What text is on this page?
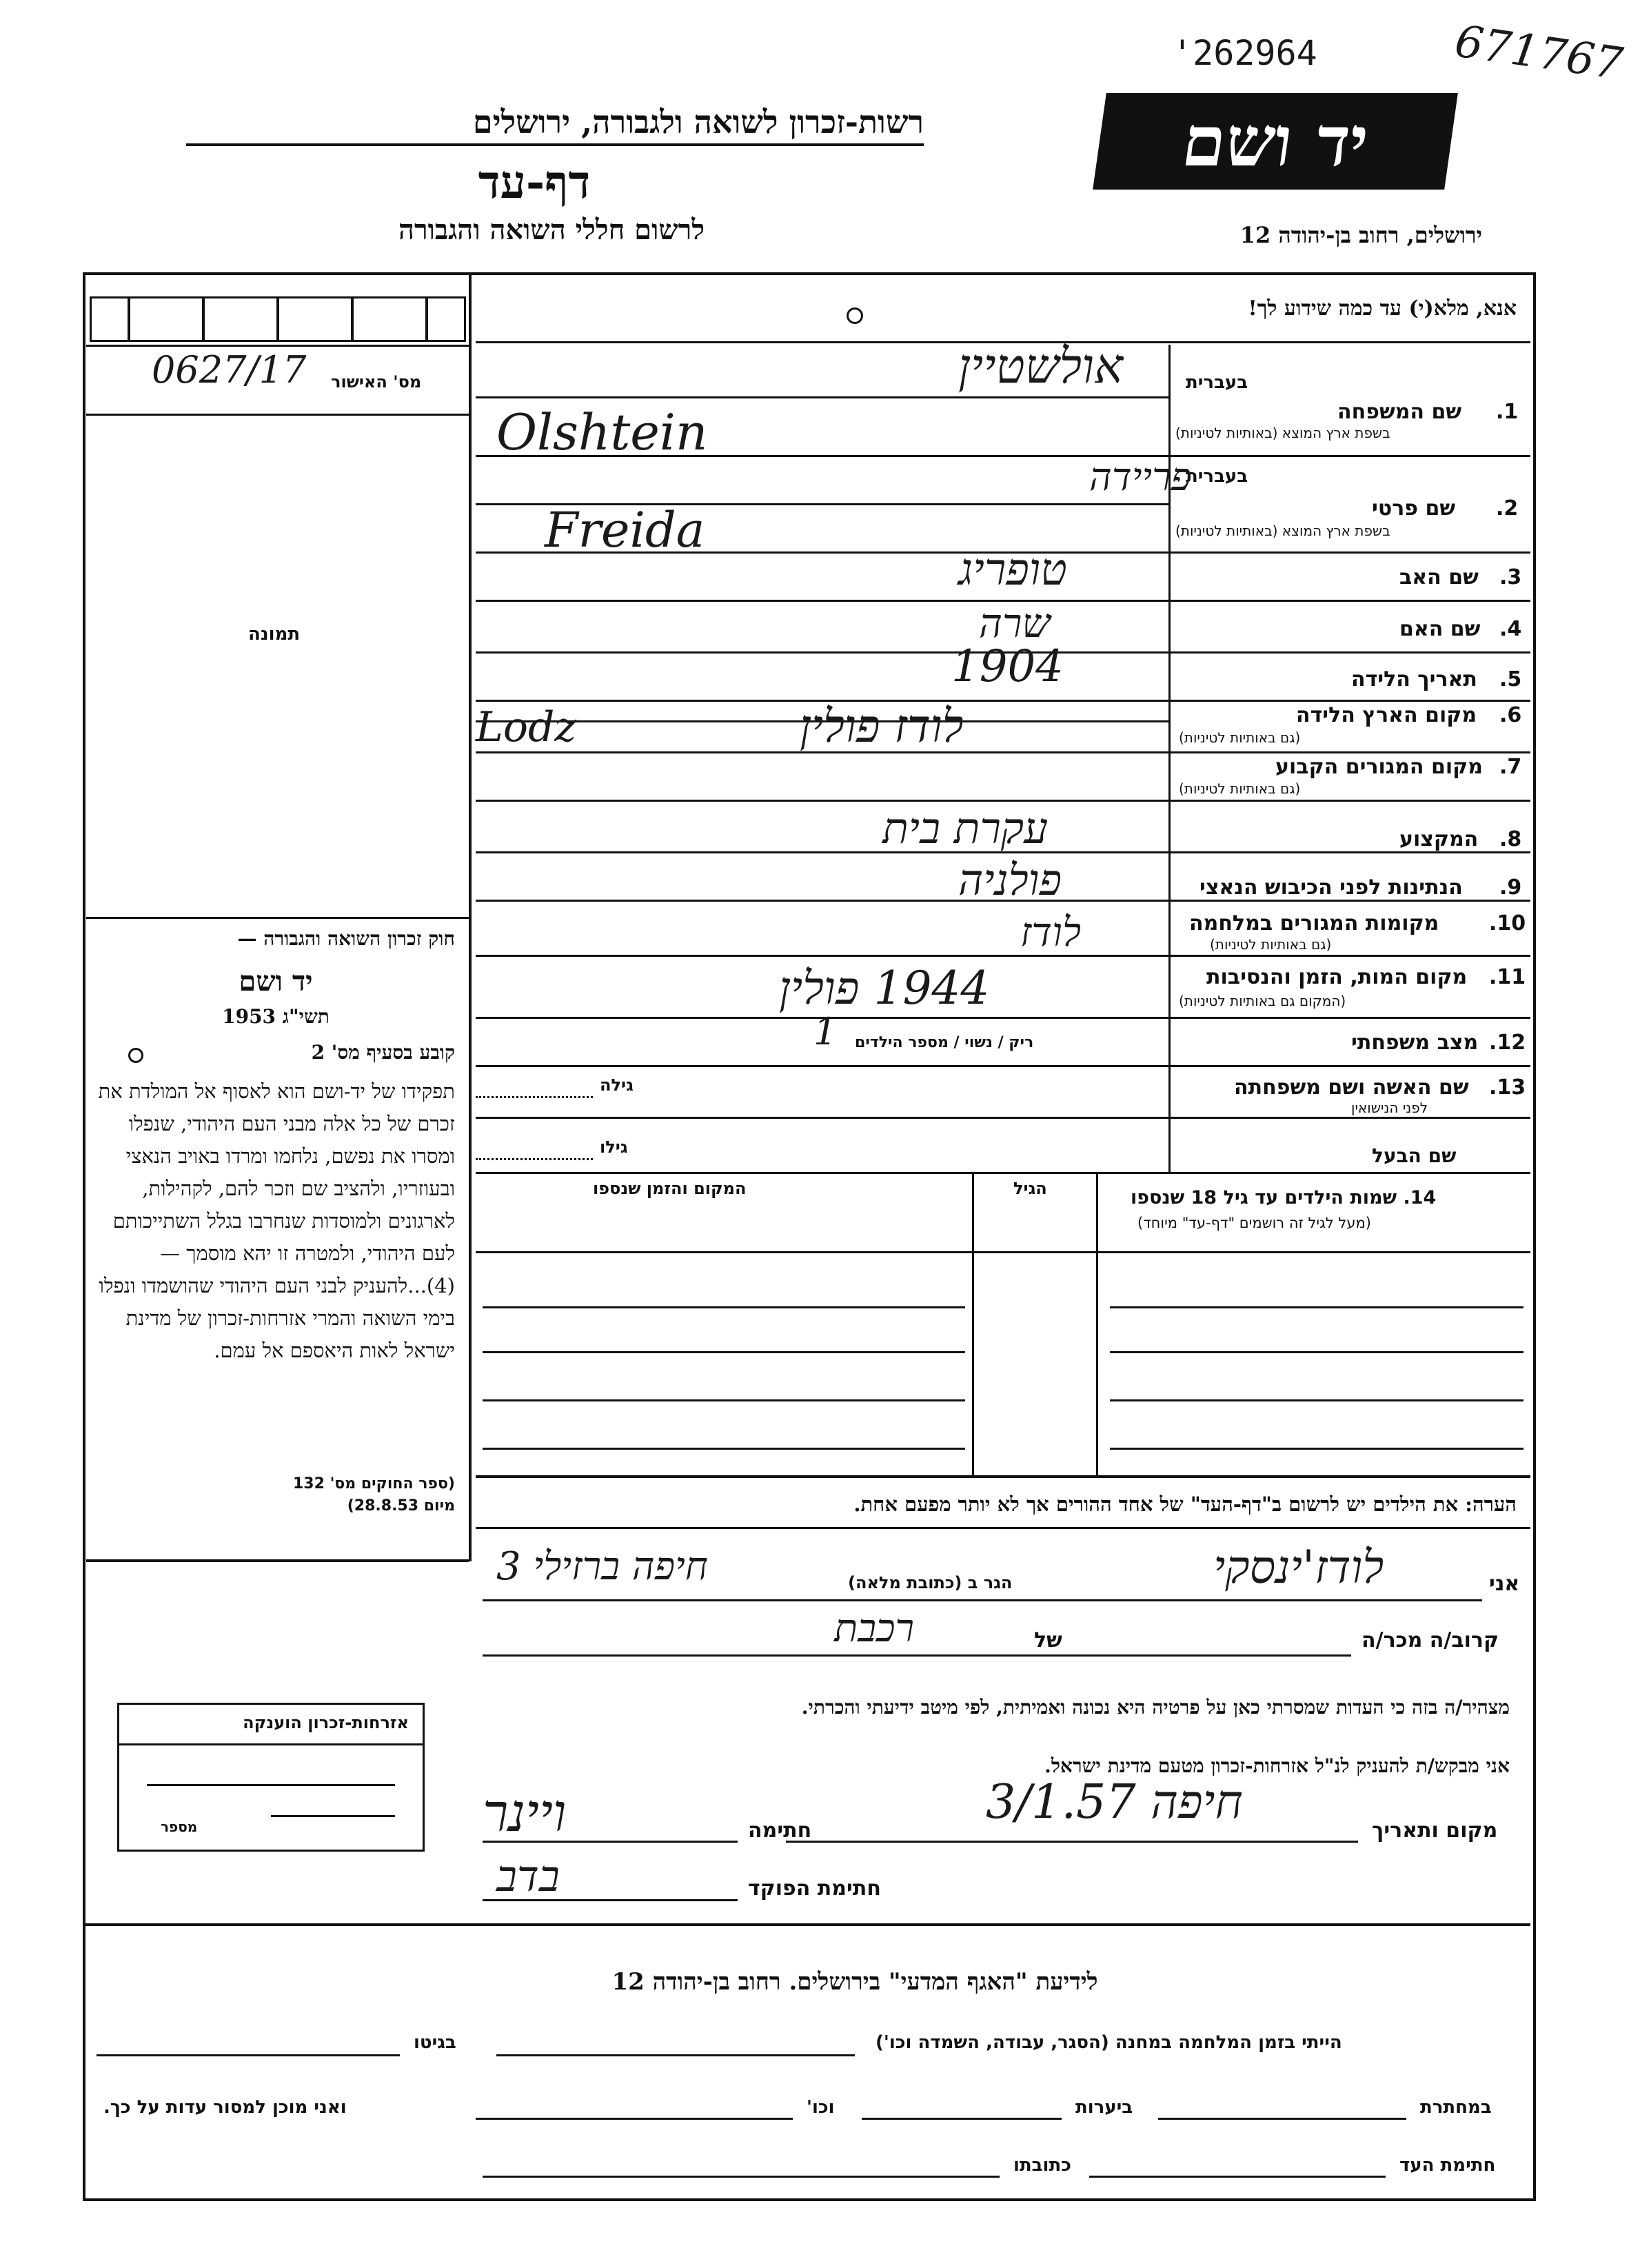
'262964	671767
רשות-זכרון לשואה ולגבורה, ירושלים
דף-עד
לרשום חללי השואה והגבורה
יד ושם
ירושלים, רחוב בן-יהודה 12
אנא, מלא(י) עד כמה שידוע לך!
מס' האישור
0627/17
תמונה
חוק זכרון השואה והגבורה —
יד ושם
תשי"ג 1953
קובע בסעיף מס' 2
תפקידו של יד-ושם הוא לאסוף אל המולדת את זכרם של כל אלה מבני העם היהודי, שנפלו ומסרו את נפשם, נלחמו ומרדו באויב הנאצי ובעוזריו, ולהציב שם וזכר להם, לקהילות, לארגונים ולמוסדות שנחרבו בגלל השתייכותם לעם היהודי, ולמטרה זו יהא מוסמך — (4)...להעניק לבני העם היהודי שהושמדו ונפלו בימי השואה והמרי אזרחות-זכרון של מדינת ישראל לאות היאספם אל עמם.
(ספר החוקים מס' 132
מיום 28.8.53)
בעברית
1.
שם המשפחה
בשפת ארץ המוצא (באותיות לטיניות)
אולשטיין
Olshtein
בעברית
2.
שם פרטי
בשפת ארץ המוצא (באותיות לטיניות)
פריידה
Freida
3.
שם האב
טופריג
4.
שם האם
שרה
5.
תאריך הלידה
1904
6.
מקום הארץ הלידה
(גם באותיות לטיניות)
לודז פולין
Lodz
7.
מקום המגורים הקבוע
(גם באותיות לטיניות)
8.
המקצוע
עקרת בית
9.
הנתינות לפני הכיבוש הנאצי
פולניה
10.
מקומות המגורים במלחמה
(גם באותיות לטיניות)
לודז
11.
מקום המות, הזמן והנסיבות
(המקום גם באותיות לטיניות)
1944 פולין
12.
מצב משפחתי
ריק / נשוי / מספר הילדים
1
13.
שם האשה ושם משפחתה
לפני הנישואין
גילה
גילו	שם הבעל
14. שמות הילדים עד גיל 18 שנספו
(מעל לגיל זה רושמים "דף-עד" מיוחד)
הגיל
המקום והזמן שנספו
הערה: את הילדים יש לרשום ב"דף-העד" של אחד ההורים אך לא יותר מפעם אחת.
אני
לודז'ינסקי
הגר ב (כתובת מלאה)
חיפה ברזילי 3
קרוב/ה מכר/ה
של
רכבת
מצהיר/ה בזה כי העדות שמסרתי כאן על פרטיה היא נכונה ואמיתית, לפי מיטב ידיעתי והכרתי.
אני מבקש/ת להעניק לנ"ל אזרחות-זכרון מטעם מדינת ישראל.
מקום ותאריך
חיפה 3/1.57
חתימה
ויינר
חתימת הפוקד
בדב
אזרחות-זכרון הוענקה
מספר
לידיעת "האגף המדעי" בירושלים. רחוב בן-יהודה 12
הייתי בזמן המלחמה במחנה (הסגר, עבודה, השמדה וכו')
בגיטו
במחתרת
ביערות
וכו'
ואני מוכן למסור עדות על כך.
חתימת העד
כתובתו
